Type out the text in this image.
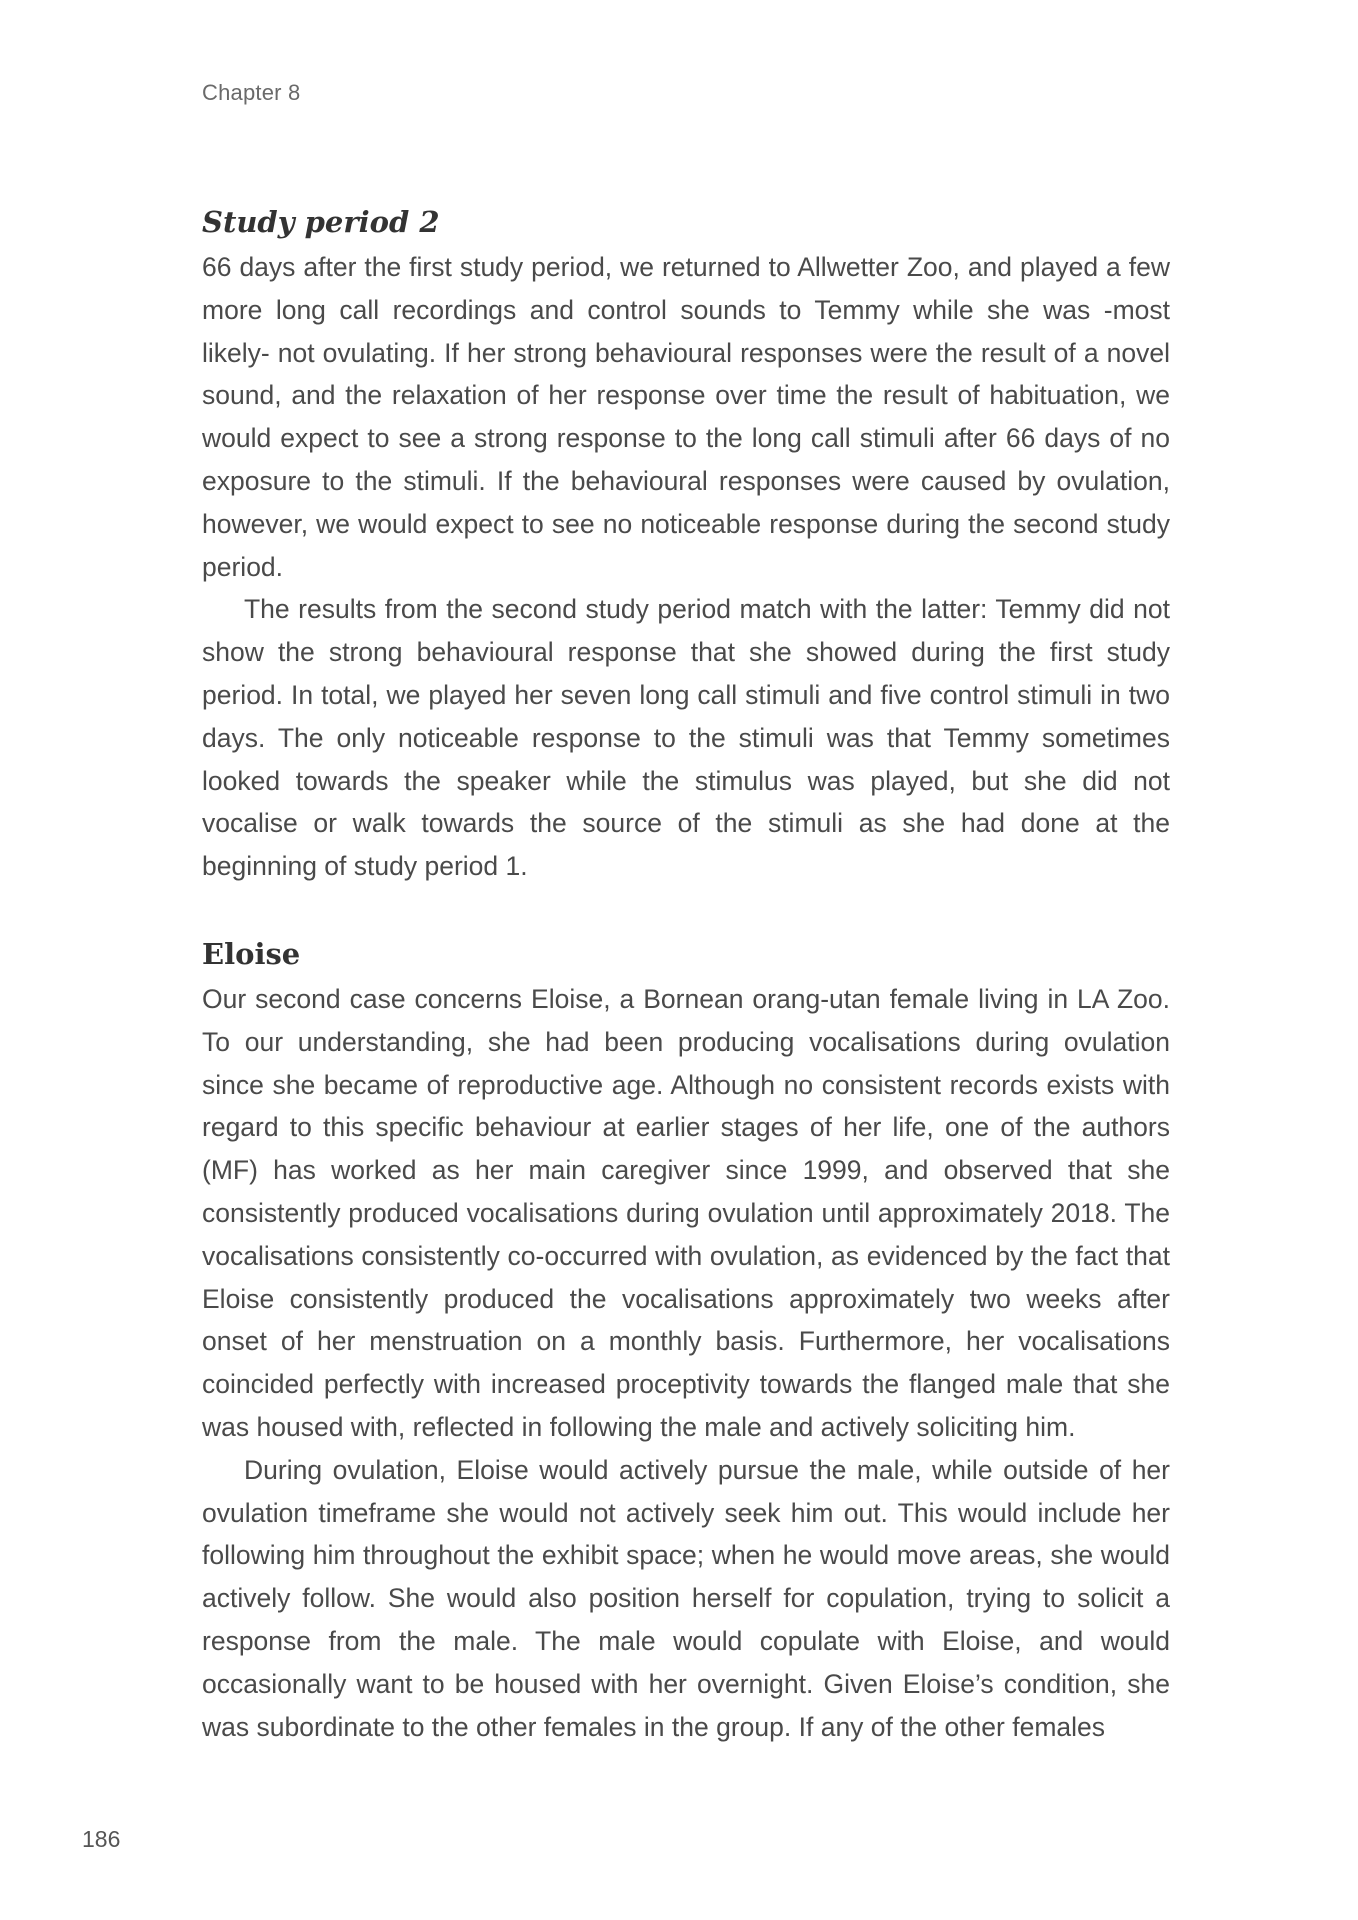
Chapter 8
Study period 2

66 days after the first study period, we returned to Allwetter Zoo, and played a few more long call recordings and control sounds to Temmy while she was -most likely- not ovulating. If her strong behavioural responses were the result of a novel sound, and the relaxation of her response over time the result of habituation, we would expect to see a strong response to the long call stimuli after 66 days of no exposure to the stimuli. If the behavioural responses were caused by ovulation, however, we would expect to see no noticeable response during the second study period.

The results from the second study period match with the latter: Temmy did not show the strong behavioural response that she showed during the first study period. In total, we played her seven long call stimuli and five control stimuli in two days. The only noticeable response to the stimuli was that Temmy sometimes looked towards the speaker while the stimulus was played, but she did not vocalise or walk towards the source of the stimuli as she had done at the beginning of study period 1.

Eloise

Our second case concerns Eloise, a Bornean orang-utan female living in LA Zoo. To our understanding, she had been producing vocalisations during ovulation since she became of reproductive age. Although no consistent records exists with regard to this specific behaviour at earlier stages of her life, one of the authors (MF) has worked as her main caregiver since 1999, and observed that she consistently produced vocalisations during ovulation until approximately 2018. The vocalisations consistently co-occurred with ovulation, as evidenced by the fact that Eloise consistently produced the vocalisations approximately two weeks after onset of her menstruation on a monthly basis. Furthermore, her vocalisations coincided perfectly with increased proceptivity towards the flanged male that she was housed with, reflected in following the male and actively soliciting him.

During ovulation, Eloise would actively pursue the male, while outside of her ovulation timeframe she would not actively seek him out. This would include her following him throughout the exhibit space; when he would move areas, she would actively follow. She would also position herself for copulation, trying to solicit a response from the male. The male would copulate with Eloise, and would occasionally want to be housed with her overnight. Given Eloise’s condition, she was subordinate to the other females in the group. If any of the other females

186
